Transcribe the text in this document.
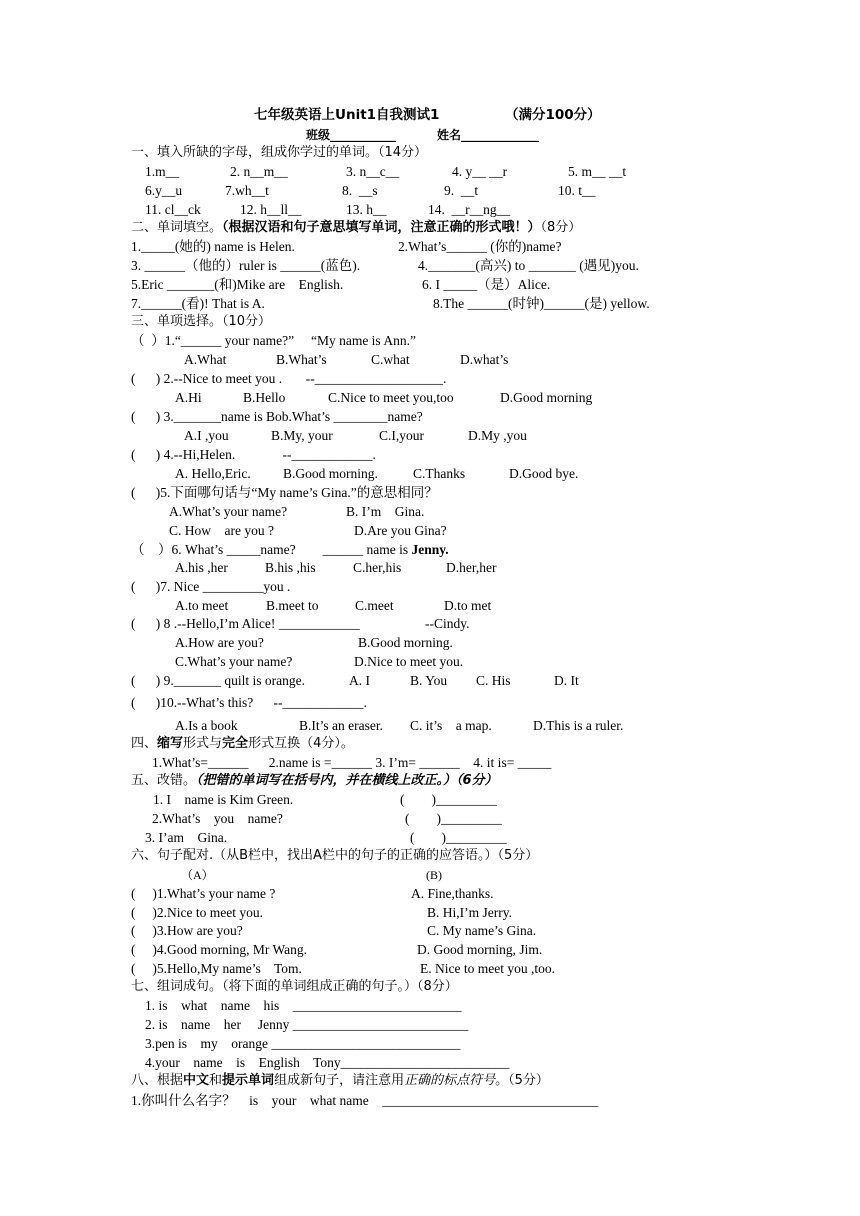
七年级英语上Unit1自我测试1	（满分100分）
班级___________	姓名_____________
一、填入所缺的字母，组成你学过的单词。（14分）
1.m__	2. n__m__	3. n__c__	4. y__ __r	5. m__ __t
6.y__u	7.wh__t	8.  __s	9.  __t	10. t__
11. cl__ck	12. h__ll__	13. h__	14.  __r__ng__
二、单词填空。（根据汉语和句子意思填写单词，注意正确的形式哦！）（8分）
1._____(她的) name is Helen.	2.What’s______ (你的)name?
3. ______（他的）ruler is ______(蓝色).	4._______(高兴) to _______ (遇见)you.
5.Eric _______(和)Mike are    English.	6. I _____（是）Alice.
7.______(看)! That is A.	8.The ______(时钟)______(是) yellow.
三、单项选择。（10分）
（  ）1.“______ your name?”     “My name is Ann.”
A.What	B.What’s	C.what	D.what’s
(      ) 2.--Nice to meet you .       --___________________.
A.Hi	B.Hello	C.Nice to meet you,too	D.Good morning
(      ) 3._______name is Bob.What’s ________name?
A.I ,you	B.My, your	C.I,your	D.My ,you
(      ) 4.--Hi,Helen.              --____________.
A. Hello,Eric. B.Good morning.	C.Thanks	D.Good bye.
(      )5.下面哪句话与“My name’s Gina.”的意思相同？
A.What’s your name?	B. I’m    Gina.
C. How    are you ?	D.Are you Gina?
（    ）6. What’s _____name?        ______ name is Jenny.
A.his ,her	B.his ,his	C.her,his	D.her,her
(      )7. Nice _________you .
A.to meet	B.meet to	C.meet	D.to met
(      ) 8 .--Hello,I’m Alice! ____________	--Cindy.
A.How are you?	B.Good morning.
C.What’s your name?	D.Nice to meet you.
(      ) 9._______ quilt is orange.	A. I	B. You C. His	D. It
(      )10.--What’s this?      --____________.
A.Is a book	B.It’s an eraser. C. it’s    a map.	D.This is a ruler.
四、缩写形式与完全形式互换（4分）。
1.What’s=______      2.name is =______ 3. I’m= ______    4. it is= _____
五、改错。（把错的单词写在括号内，并在横线上改正。）（6分）
1. I    name is Kim Green.	(        )_________
2.What’s    you    name?	(        )_________
3. I’am    Gina.	(        )_________
六、句子配对.（从B栏中，找出A栏中的句子的正确的应答语。）（5分）
（A）	(B)
(     )1.What’s your name ?	A. Fine,thanks.
(     )2.Nice to meet you.	B. Hi,I’m Jerry.
(     )3.How are you?	C. My name’s Gina.
(     )4.Good morning, Mr Wang.	D. Good morning, Jim.
(     )5.Hello,My name’s    Tom.	E. Nice to meet you ,too.
七、组词成句。（将下面的单词组成正确的句子。）（8分）
1. is    what    name    his    _________________________
2. is    name    her     Jenny __________________________
3.pen is    my    orange ____________________________
4.your    name    is    English    Tony_________________________
八、根据中文和提示单词组成新句子，请注意用正确的标点符号。（5分）
1.你叫什么名字？    is    your    what name    ________________________________
